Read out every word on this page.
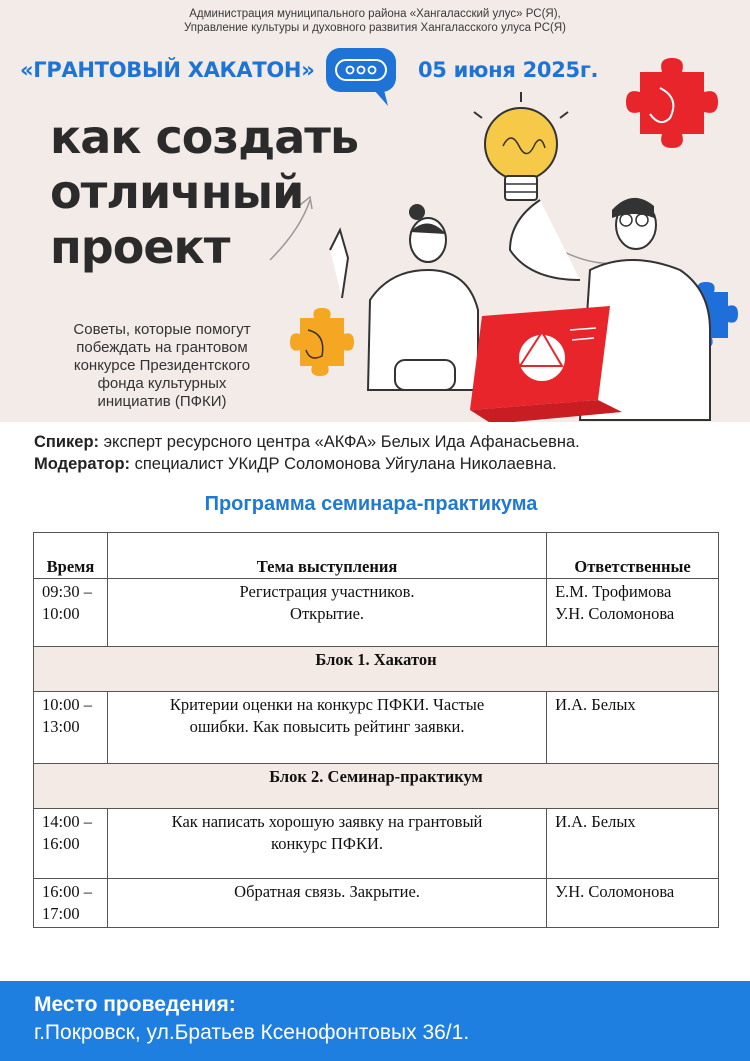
Администрация муниципального района «Хангаласский улус» РС(Я),
Управление культуры и духовного развития Хангаласского улуса РС(Я)
«ГРАНТОВЫЙ ХАКАТОН»	05 июня 2025г.
как создать
отличный
проект
Советы, которые помогут
побеждать на грантовом
конкурсе Президентского
фонда культурных
инициатив (ПФКИ)
Спикер: эксперт ресурсного центра «АКФА» Белых Ида Афанасьевна.
Модератор: специалист УКиДР Соломонова Уйгулана Николаевна.
Программа семинара-практикума
Время	Тема выступления	Ответственные

09:30 –
10:00	Регистрация участников.
Открытие.	Е.М. Трофимова
У.Н. Соломонова

Блок 1. Хакатон		

10:00 –
13:00	Критерии оценки на конкурс ПФКИ. Частые
ошибки. Как повысить рейтинг заявки.	И.А. Белых

Блок 2. Семинар-практикум		

14:00 –
16:00	Как написать хорошую заявку на грантовый
конкурс ПФКИ.	И.А. Белых

16:00 –
17:00	Обратная связь. Закрытие.	У.Н. Соломонова
Место проведения:
г.Покровск, ул.Братьев Ксенофонтовых 36/1.
